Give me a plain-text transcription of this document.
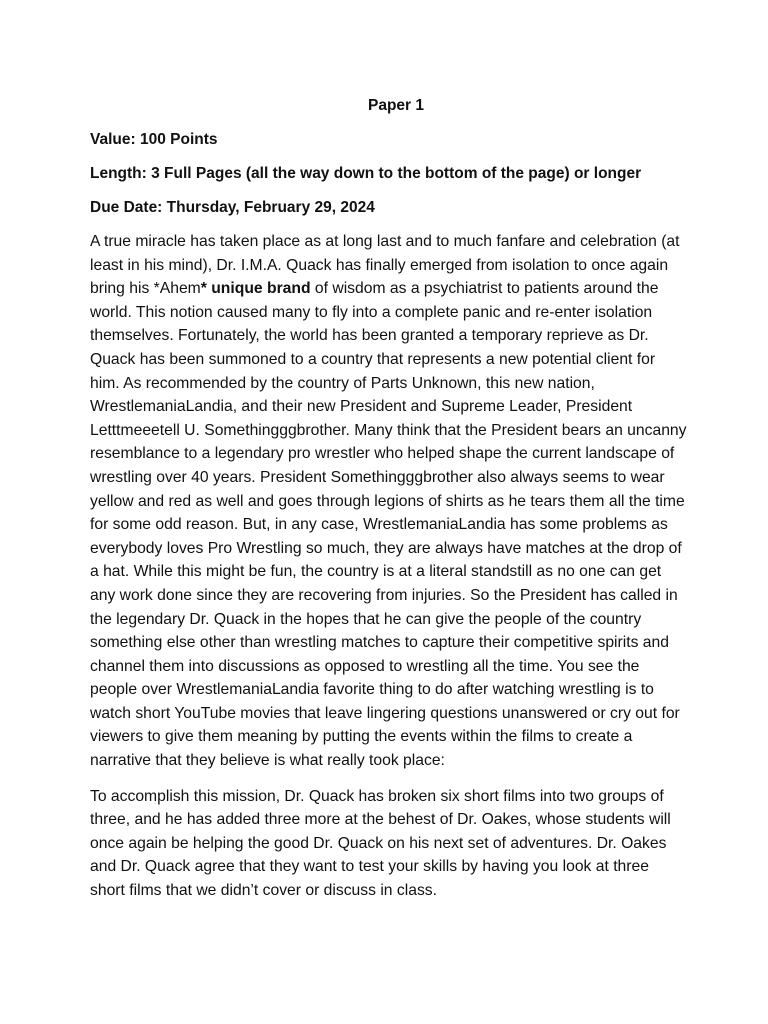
Paper 1

Value: 100 Points

Length: 3 Full Pages (all the way down to the bottom of the page) or longer

Due Date: Thursday, February 29, 2024

A true miracle has taken place as at long last and to much fanfare and celebration (at least in his mind), Dr. I.M.A. Quack has finally emerged from isolation to once again bring his *Ahem* unique brand of wisdom as a psychiatrist to patients around the world. This notion caused many to fly into a complete panic and re-enter isolation themselves. Fortunately, the world has been granted a temporary reprieve as Dr. Quack has been summoned to a country that represents a new potential client for him. As recommended by the country of Parts Unknown, this new nation, WrestlemaniaLandia, and their new President and Supreme Leader, President Letttmeeetell U. Somethingggbrother. Many think that the President bears an uncanny resemblance to a legendary pro wrestler who helped shape the current landscape of wrestling over 40 years. President Somethingggbrother also always seems to wear yellow and red as well and goes through legions of shirts as he tears them all the time for some odd reason. But, in any case, WrestlemaniaLandia has some problems as everybody loves Pro Wrestling so much, they are always have matches at the drop of a hat. While this might be fun, the country is at a literal standstill as no one can get any work done since they are recovering from injuries. So the President has called in the legendary Dr. Quack in the hopes that he can give the people of the country something else other than wrestling matches to capture their competitive spirits and channel them into discussions as opposed to wrestling all the time. You see the people over WrestlemaniaLandia favorite thing to do after watching wrestling is to watch short YouTube movies that leave lingering questions unanswered or cry out for viewers to give them meaning by putting the events within the films to create a narrative that they believe is what really took place:

To accomplish this mission, Dr. Quack has broken six short films into two groups of three, and he has added three more at the behest of Dr. Oakes, whose students will once again be helping the good Dr. Quack on his next set of adventures. Dr. Oakes and Dr. Quack agree that they want to test your skills by having you look at three short films that we didn’t cover or discuss in class.
